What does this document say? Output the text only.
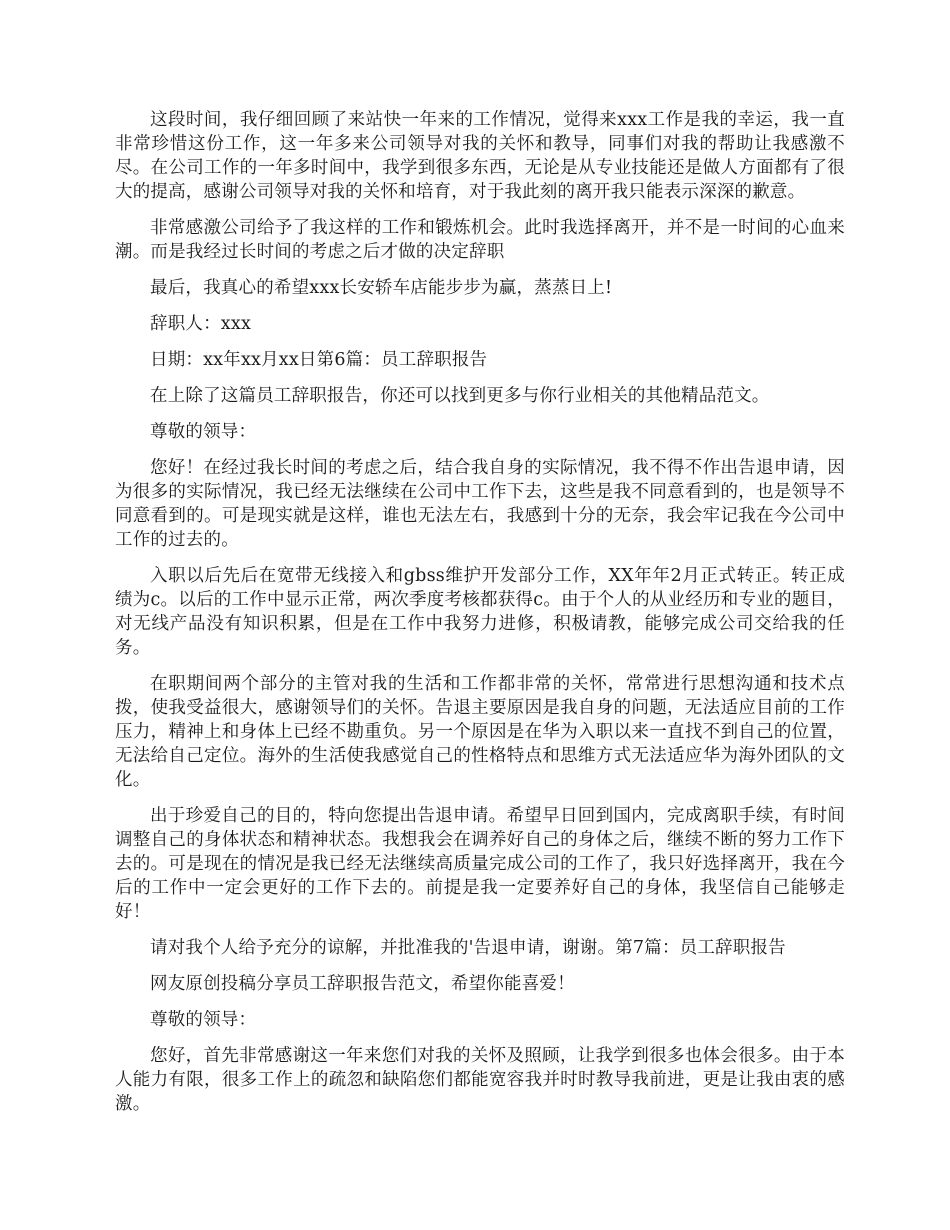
这段时间，我仔细回顾了来站快一年来的工作情况，觉得来xxx工作是我的幸运，我一直非常珍惜这份工作，这一年多来公司领导对我的关怀和教导，同事们对我的帮助让我感激不尽。在公司工作的一年多时间中，我学到很多东西，无论是从专业技能还是做人方面都有了很大的提高，感谢公司领导对我的关怀和培育，对于我此刻的离开我只能表示深深的歉意。

非常感激公司给予了我这样的工作和锻炼机会。此时我选择离开，并不是一时间的心血来潮。而是我经过长时间的考虑之后才做的决定辞职

最后，我真心的希望xxx长安轿车店能步步为赢，蒸蒸日上!

辞职人：xxx

日期：xx年xx月xx日第6篇：员工辞职报告

在上除了这篇员工辞职报告，你还可以找到更多与你行业相关的其他精品范文。

尊敬的领导：

您好！在经过我长时间的考虑之后，结合我自身的实际情况，我不得不作出告退申请，因为很多的实际情况，我已经无法继续在公司中工作下去，这些是我不同意看到的，也是领导不同意看到的。可是现实就是这样，谁也无法左右，我感到十分的无奈，我会牢记我在今公司中工作的过去的。

入职以后先后在宽带无线接入和gbss维护开发部分工作，XX年年2月正式转正。转正成绩为c。以后的工作中显示正常，两次季度考核都获得c。由于个人的从业经历和专业的题目，对无线产品没有知识积累，但是在工作中我努力进修，积极请教，能够完成公司交给我的任务。

在职期间两个部分的主管对我的生活和工作都非常的关怀，常常进行思想沟通和技术点拨，使我受益很大，感谢领导们的关怀。告退主要原因是我自身的问题，无法适应目前的工作压力，精神上和身体上已经不勘重负。另一个原因是在华为入职以来一直找不到自己的位置，无法给自己定位。海外的生活使我感觉自己的性格特点和思维方式无法适应华为海外团队的文化。

出于珍爱自己的目的，特向您提出告退申请。希望早日回到国内，完成离职手续，有时间调整自己的身体状态和精神状态。我想我会在调养好自己的身体之后，继续不断的努力工作下去的。可是现在的情况是我已经无法继续高质量完成公司的工作了，我只好选择离开，我在今后的工作中一定会更好的工作下去的。前提是我一定要养好自己的身体，我坚信自己能够走好！

请对我个人给予充分的谅解，并批准我的'告退申请，谢谢。第7篇：员工辞职报告

网友原创投稿分享员工辞职报告范文，希望你能喜爱！

尊敬的领导：

您好，首先非常感谢这一年来您们对我的关怀及照顾，让我学到很多也体会很多。由于本人能力有限，很多工作上的疏忽和缺陷您们都能宽容我并时时教导我前进，更是让我由衷的感激。
